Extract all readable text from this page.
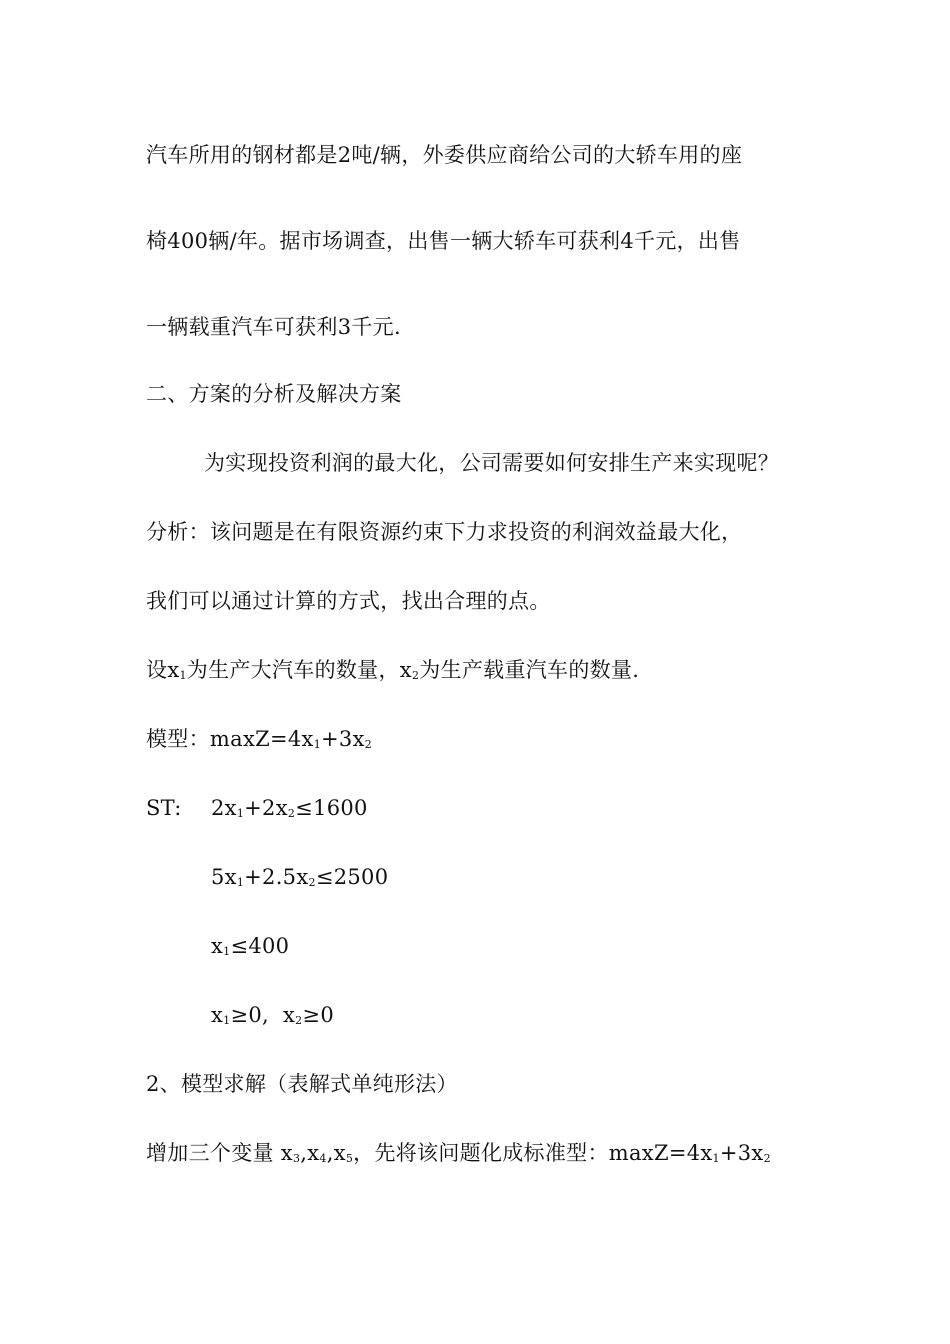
汽车所用的钢材都是2吨/辆，外委供应商给公司的大轿车用的座
椅400辆/年。据市场调查，出售一辆大轿车可获利4千元，出售
一辆载重汽车可获利3千元.
二、方案的分析及解决方案
为实现投资利润的最大化，公司需要如何安排生产来实现呢？
分析：该问题是在有限资源约束下力求投资的利润效益最大化，
我们可以通过计算的方式，找出合理的点。
设$x_1$为生产大汽车的数量，$x_2$为生产载重汽车的数量.
模型：$\max Z=4x_1+3x_2$
ST: $2x_1+2x_2\le 1600$
$5x_1+2.5x_2\le 2500$
$x_1\le 400$
$x_1\ge 0$,  $x_2\ge 0$
2、模型求解（表解式单纯形法）
增加三个变量 $x_3,x_4,x_5$，先将该问题化成标准型：$\max Z=4x_1+3x_2$
